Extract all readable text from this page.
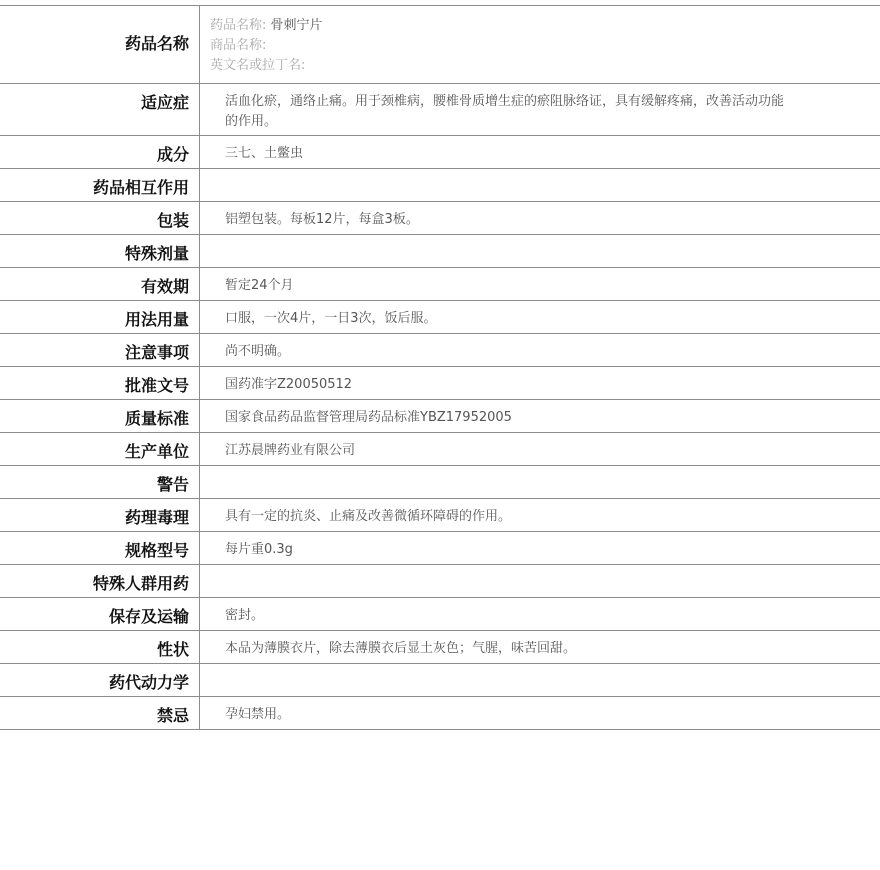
药品名称
药品名称: 骨刺宁片
商品名称:
英文名或拉丁名:
适应症	活血化瘀，通络止痛。用于颈椎病，腰椎骨质增生症的瘀阻脉络证，具有缓解疼痛，改善活动功能的作用。
成分	三七、土鳖虫
药品相互作用
包装	铝塑包装。每板12片，每盒3板。
特殊剂量
有效期	暂定24个月
用法用量	口服，一次4片，一日3次，饭后服。
注意事项	尚不明确。
批准文号	国药准字Z20050512
质量标准	国家食品药品监督管理局药品标准YBZ17952005
生产单位	江苏晨牌药业有限公司
警告
药理毒理	具有一定的抗炎、止痛及改善微循环障碍的作用。
规格型号	每片重0.3g
特殊人群用药
保存及运输	密封。
性状	本品为薄膜衣片，除去薄膜衣后显土灰色；气腥，味苦回甜。
药代动力学
禁忌	孕妇禁用。
